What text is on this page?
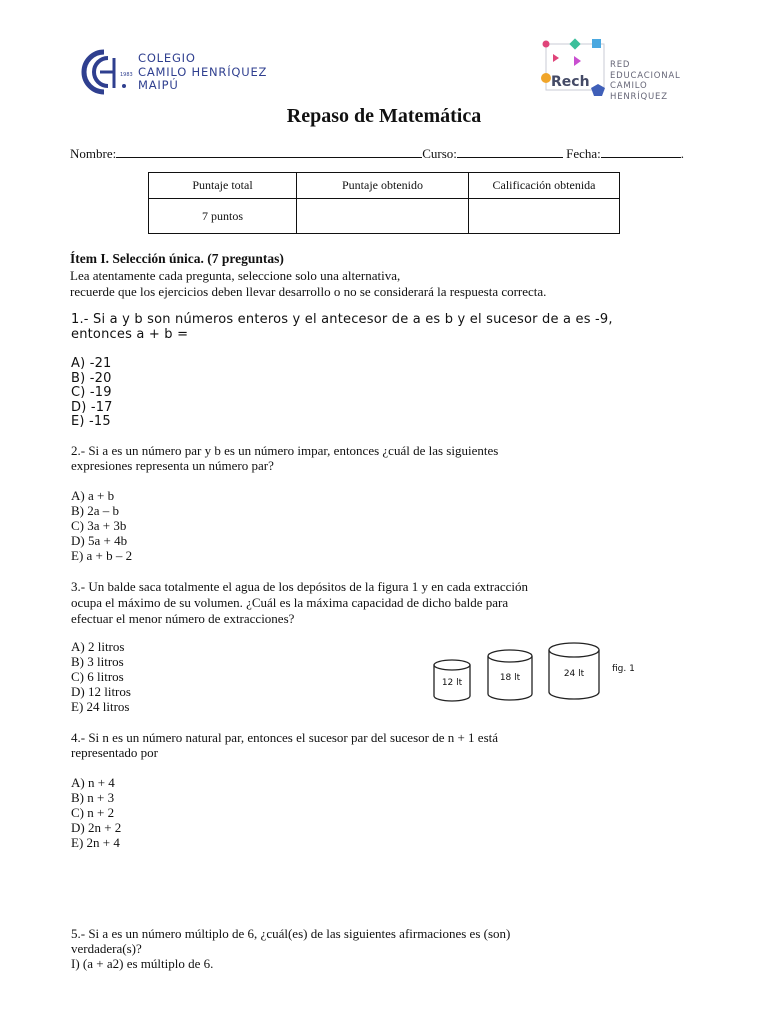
1983
COLEGIO
CAMILO HENRÍQUEZ
MAIPÚ	Rech
RED
EDUCACIONAL
CAMILO
HENRÍQUEZ
Repaso de Matemática
Nombre:	Curso:	Fecha:	.
Puntaje total	Puntaje obtenido	Calificación obtenida
7 puntos		
Ítem I. Selección única. (7 preguntas)
Lea atentamente cada pregunta, seleccione solo una alternativa,
recuerde que los ejercicios deben llevar desarrollo o no se considerará la respuesta correcta.
1.- Si a y b son números enteros y el antecesor de a es b y el sucesor de a es -9,
entonces a + b =
A) -21
B) -20
C) -19
D) -17
E) -15
2.- Si a es un número par y b es un número impar, entonces ¿cuál de las siguientes
expresiones representa un número par?
A) a + b
B) 2a – b
C) 3a + 3b
D) 5a + 4b
E) a + b – 2
3.- Un balde saca totalmente el agua de los depósitos de la figura 1 y en cada extracción
ocupa el máximo de su volumen. ¿Cuál es la máxima capacidad de dicho balde para
efectuar el menor número de extracciones?
A) 2 litros
B) 3 litros
C) 6 litros
D) 12 litros
E) 24 litros
12 lt	18 lt	24 lt	fig. 1
4.- Si n es un número natural par, entonces el sucesor par del sucesor de n + 1 está
representado por
A) n + 4
B) n + 3
C) n + 2
D) 2n + 2
E) 2n + 4
5.- Si a es un número múltiplo de 6, ¿cuál(es) de las siguientes afirmaciones es (son)
verdadera(s)?
I) (a + a2) es múltiplo de 6.
